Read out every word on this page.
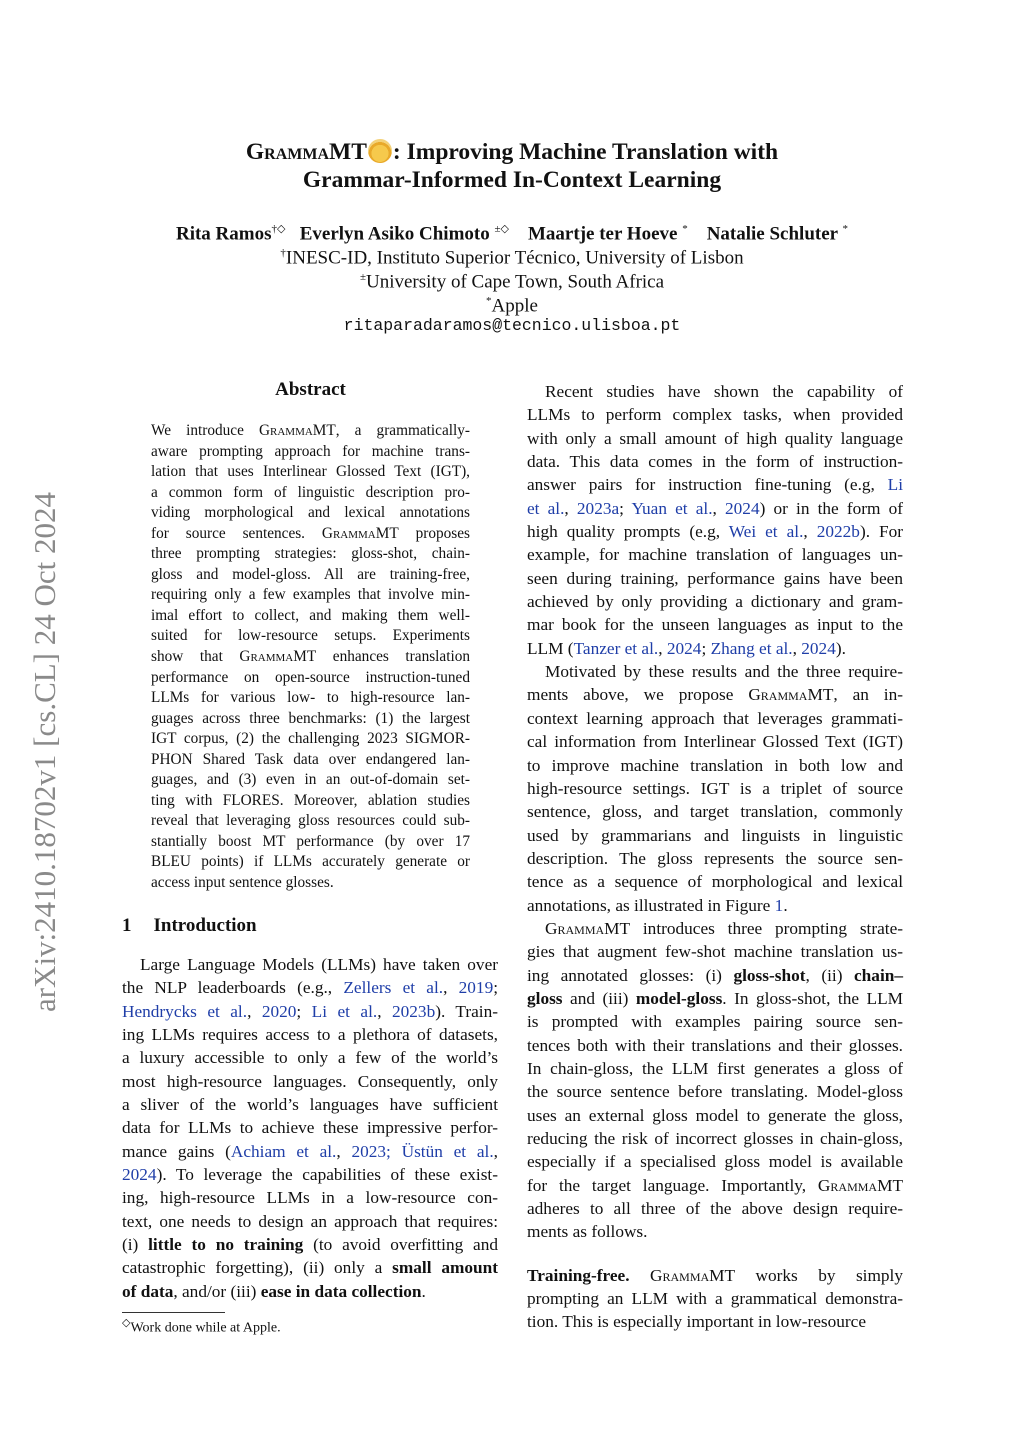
arXiv:2410.18702v1 [cs.CL] 24 Oct 2024
GrammaMT : Improving Machine Translation with
Grammar-Informed In-Context Learning
Rita Ramos†◇ Everlyn Asiko Chimoto ±◇ Maartje ter Hoeve * Natalie Schluter *
†INESC-ID, Instituto Superior Técnico, University of Lisbon
±University of Cape Town, South Africa
*Apple
ritaparadaramos@tecnico.ulisboa.pt
Abstract
We introduce GrammaMT, a grammatically-
aware prompting approach for machine trans-
lation that uses Interlinear Glossed Text (IGT),
a common form of linguistic description pro-
viding morphological and lexical annotations
for source sentences. GrammaMT proposes
three prompting strategies: gloss-shot, chain-
gloss and model-gloss. All are training-free,
requiring only a few examples that involve min-
imal effort to collect, and making them well-
suited for low-resource setups. Experiments
show that GrammaMT enhances translation
performance on open-source instruction-tuned
LLMs for various low- to high-resource lan-
guages across three benchmarks: (1) the largest
IGT corpus, (2) the challenging 2023 SIGMOR-
PHON Shared Task data over endangered lan-
guages, and (3) even in an out-of-domain set-
ting with FLORES. Moreover, ablation studies
reveal that leveraging gloss resources could sub-
stantially boost MT performance (by over 17
BLEU points) if LLMs accurately generate or
access input sentence glosses.
1 Introduction
Large Language Models (LLMs) have taken over
the NLP leaderboards (e.g., Zellers et al., 2019;
Hendrycks et al., 2020; Li et al., 2023b). Train-
ing LLMs requires access to a plethora of datasets,
a luxury accessible to only a few of the world’s
most high-resource languages. Consequently, only
a sliver of the world’s languages have sufficient
data for LLMs to achieve these impressive perfor-
mance gains (Achiam et al., 2023; Üstün et al.,
2024). To leverage the capabilities of these exist-
ing, high-resource LLMs in a low-resource con-
text, one needs to design an approach that requires:
(i) little to no training (to avoid overfitting and
catastrophic forgetting), (ii) only a small amount
of data, and/or (iii) ease in data collection.
◇Work done while at Apple.
Recent studies have shown the capability of
LLMs to perform complex tasks, when provided
with only a small amount of high quality language
data. This data comes in the form of instruction-
answer pairs for instruction fine-tuning (e.g, Li
et al., 2023a; Yuan et al., 2024) or in the form of
high quality prompts (e.g, Wei et al., 2022b). For
example, for machine translation of languages un-
seen during training, performance gains have been
achieved by only providing a dictionary and gram-
mar book for the unseen languages as input to the
LLM (Tanzer et al., 2024; Zhang et al., 2024).
Motivated by these results and the three require-
ments above, we propose GrammaMT, an in-
context learning approach that leverages grammati-
cal information from Interlinear Glossed Text (IGT)
to improve machine translation in both low and
high-resource settings. IGT is a triplet of source
sentence, gloss, and target translation, commonly
used by grammarians and linguists in linguistic
description. The gloss represents the source sen-
tence as a sequence of morphological and lexical
annotations, as illustrated in Figure 1.
GrammaMT introduces three prompting strate-
gies that augment few-shot machine translation us-
ing annotated glosses: (i) gloss-shot, (ii) chain–
gloss and (iii) model-gloss. In gloss-shot, the LLM
is prompted with examples pairing source sen-
tences both with their translations and their glosses.
In chain-gloss, the LLM first generates a gloss of
the source sentence before translating. Model-gloss
uses an external gloss model to generate the gloss,
reducing the risk of incorrect glosses in chain-gloss,
especially if a specialised gloss model is available
for the target language. Importantly, GrammaMT
adheres to all three of the above design require-
ments as follows.
Training-free. GrammaMT works by simply
prompting an LLM with a grammatical demonstra-
tion. This is especially important in low-resource
